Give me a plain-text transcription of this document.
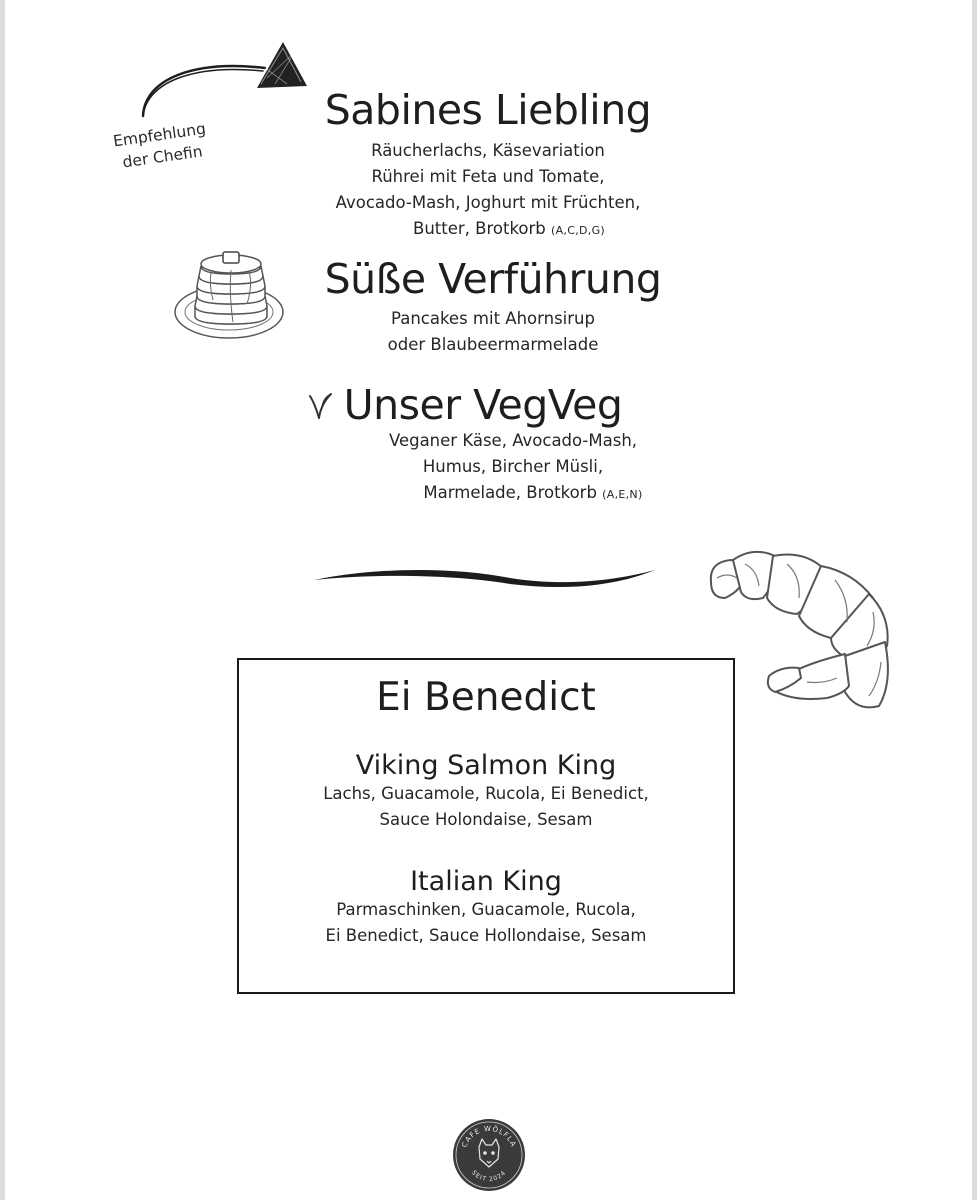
Empfehlung
der Chefin
Sabines Liebling
Räucherlachs, Käsevariation
Rührei mit Feta und Tomate,
Avocado-Mash, Joghurt mit Früchten,
Butter, Brotkorb (A,C,D,G)
Süße Verführung
Pancakes mit Ahornsirup
oder Blaubeermarmelade
Unser VegVeg
Veganer Käse, Avocado-Mash,
Humus, Bircher Müsli,
Marmelade, Brotkorb (A,E,N)
Ei Benedict
Viking Salmon King
Lachs, Guacamole, Rucola, Ei Benedict,
Sauce Holondaise, Sesam
Italian King
Parmaschinken, Guacamole, Rucola,
Ei Benedict, Sauce Hollondaise, Sesam
CAFE WÖLFLA
SEIT 2024
